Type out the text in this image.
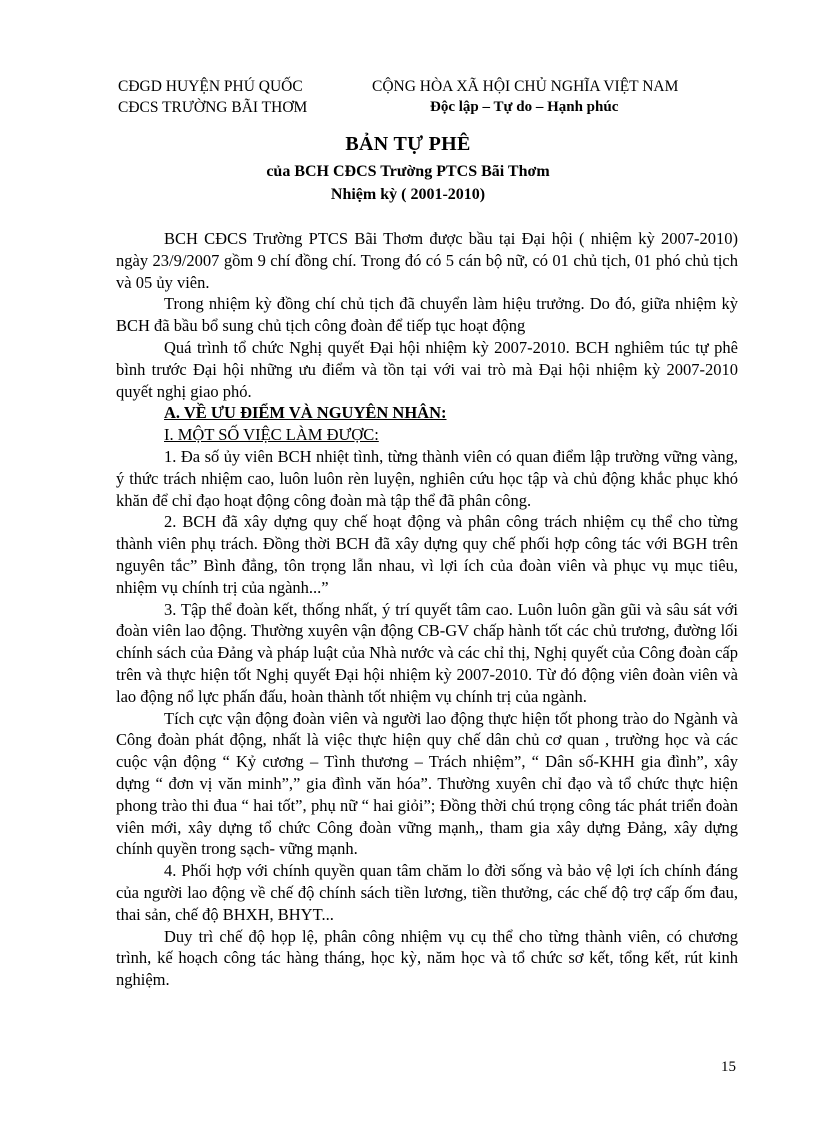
CĐGD HUYỆN PHÚ QUỐC
CĐCS TRƯỜNG BÃI THƠM
CỘNG HÒA XÃ HỘI CHỦ NGHĨA VIỆT NAM
Độc lập – Tự do – Hạnh phúc
BẢN TỰ PHÊ
của BCH CĐCS Trường PTCS Bãi Thơm
Nhiệm kỳ ( 2001-2010)

BCH CĐCS Trường PTCS Bãi Thơm được bầu tại Đại hội ( nhiệm kỳ 2007-2010) ngày 23/9/2007 gồm 9 chí đồng chí. Trong đó có 5 cán bộ nữ, có 01 chủ tịch, 01 phó chủ tịch và 05 ủy viên.

Trong nhiệm kỳ đồng chí chủ tịch đã chuyển làm hiệu trưởng. Do đó, giữa nhiệm kỳ BCH đã bầu bổ sung chủ tịch công đoàn để tiếp tục hoạt động

Quá trình tổ chức Nghị quyết Đại hội nhiệm kỳ 2007-2010. BCH nghiêm túc tự phê bình trước Đại hội những ưu điểm và tồn tại với vai trò mà Đại hội nhiệm kỳ 2007-2010 quyết nghị giao phó.

A. VỀ ƯU ĐIỂM VÀ NGUYÊN NHÂN:

I. MỘT SỐ VIỆC LÀM ĐƯỢC:

1. Đa số ủy viên BCH nhiệt tình, từng thành viên có quan điểm lập trường vững vàng, ý thức trách nhiệm cao, luôn luôn rèn luyện, nghiên cứu học tập và chủ động khắc phục khó khăn để chỉ đạo hoạt động công đoàn mà tập thể đã phân công.

2. BCH đã xây dựng quy chế hoạt động và phân công trách nhiệm cụ thể cho từng thành viên phụ trách. Đồng thời BCH đã xây dựng quy chế phối hợp công tác với BGH trên nguyên tắc” Bình đẳng, tôn trọng lẫn nhau, vì lợi ích của đoàn viên và phục vụ mục tiêu, nhiệm vụ chính trị của ngành...”

3. Tập thể đoàn kết, thống nhất, ý trí quyết tâm cao. Luôn luôn gần gũi và sâu sát với đoàn viên lao động. Thường xuyên vận động CB-GV chấp hành tốt các chủ trương, đường lối chính sách của Đảng và pháp luật của Nhà nước và các chỉ thị, Nghị quyết của Công đoàn cấp trên và thực hiện tốt Nghị quyết Đại hội nhiệm kỳ 2007-2010. Từ đó động viên đoàn viên và lao động nổ lực phấn đấu, hoàn thành tốt nhiệm vụ chính trị của ngành.

Tích cực vận động đoàn viên và người lao động thực hiện tốt phong trào do Ngành và Công đoàn phát động, nhất là việc thực hiện quy chế dân chủ cơ quan , trường học và các cuộc vận động “ Kỷ cương – Tình thương – Trách nhiệm”, “ Dân số-KHH gia đình”, xây dựng “ đơn vị văn minh”,” gia đình văn hóa”. Thường xuyên chỉ đạo và tổ chức thực hiện phong trào thi đua “ hai tốt”, phụ nữ “ hai giỏi”; Đồng thời chú trọng công tác phát triển đoàn viên mới, xây dựng tổ chức Công đoàn vững mạnh,, tham gia xây dựng Đảng, xây dựng chính quyền trong sạch- vững mạnh.

4. Phối hợp với chính quyền quan tâm chăm lo đời sống và bảo vệ lợi ích chính đáng của người lao động về chế độ chính sách tiền lương, tiền thưởng, các chế độ trợ cấp ốm đau, thai sản, chế độ BHXH, BHYT...

Duy trì chế độ họp lệ, phân công nhiệm vụ cụ thể cho từng thành viên, có chương trình, kế hoạch công tác hàng tháng, học kỳ, năm học và tổ chức sơ kết, tổng kết, rút kinh nghiệm.

15
